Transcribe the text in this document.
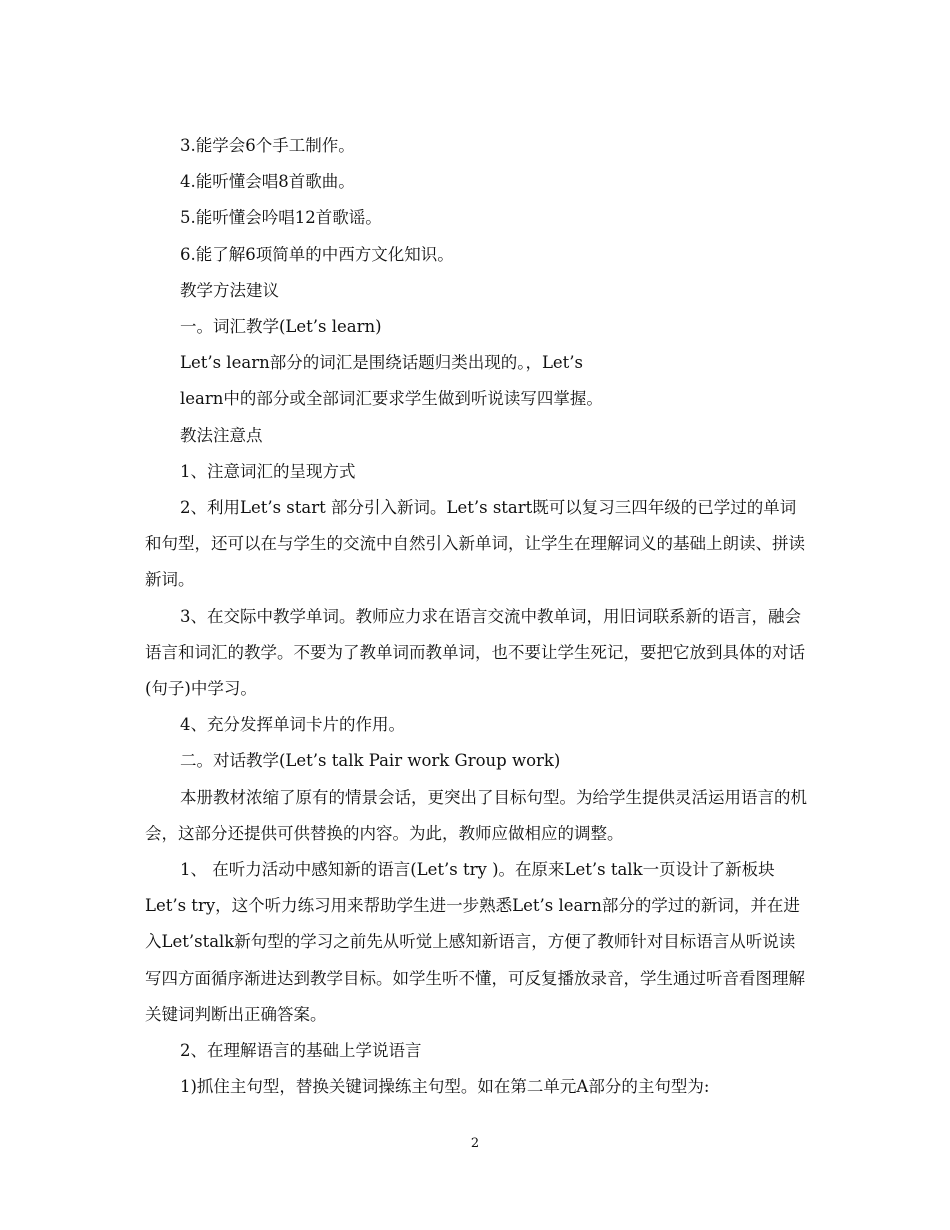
3.能学会6个手工制作。

4.能听懂会唱8首歌曲。

5.能听懂会吟唱12首歌谣。

6.能了解6项简单的中西方文化知识。

教学方法建议

一。词汇教学(Let’s learn)

Let’s learn部分的词汇是围绕话题归类出现的。，Let’s

learn中的部分或全部词汇要求学生做到听说读写四掌握。

教法注意点

1、注意词汇的呈现方式

2、利用Let’s start 部分引入新词。Let’s start既可以复习三四年级的已学过的单词和句型，还可以在与学生的交流中自然引入新单词，让学生在理解词义的基础上朗读、拼读新词。

3、在交际中教学单词。教师应力求在语言交流中教单词，用旧词联系新的语言，融会语言和词汇的教学。不要为了教单词而教单词，也不要让学生死记，要把它放到具体的对话(句子)中学习。

4、充分发挥单词卡片的作用。

二。对话教学(Let’s talk Pair work Group work)

本册教材浓缩了原有的情景会话，更突出了目标句型。为给学生提供灵活运用语言的机会，这部分还提供可供替换的内容。为此，教师应做相应的调整。

1、 在听力活动中感知新的语言(Let’s try )。在原来Let’s talk一页设计了新板块Let’s try，这个听力练习用来帮助学生进一步熟悉Let’s learn部分的学过的新词，并在进入Let’stalk新句型的学习之前先从听觉上感知新语言，方便了教师针对目标语言从听说读写四方面循序渐进达到教学目标。如学生听不懂，可反复播放录音，学生通过听音看图理解关键词判断出正确答案。

2、在理解语言的基础上学说语言

1)抓住主句型，替换关键词操练主句型。如在第二单元A部分的主句型为:

2
